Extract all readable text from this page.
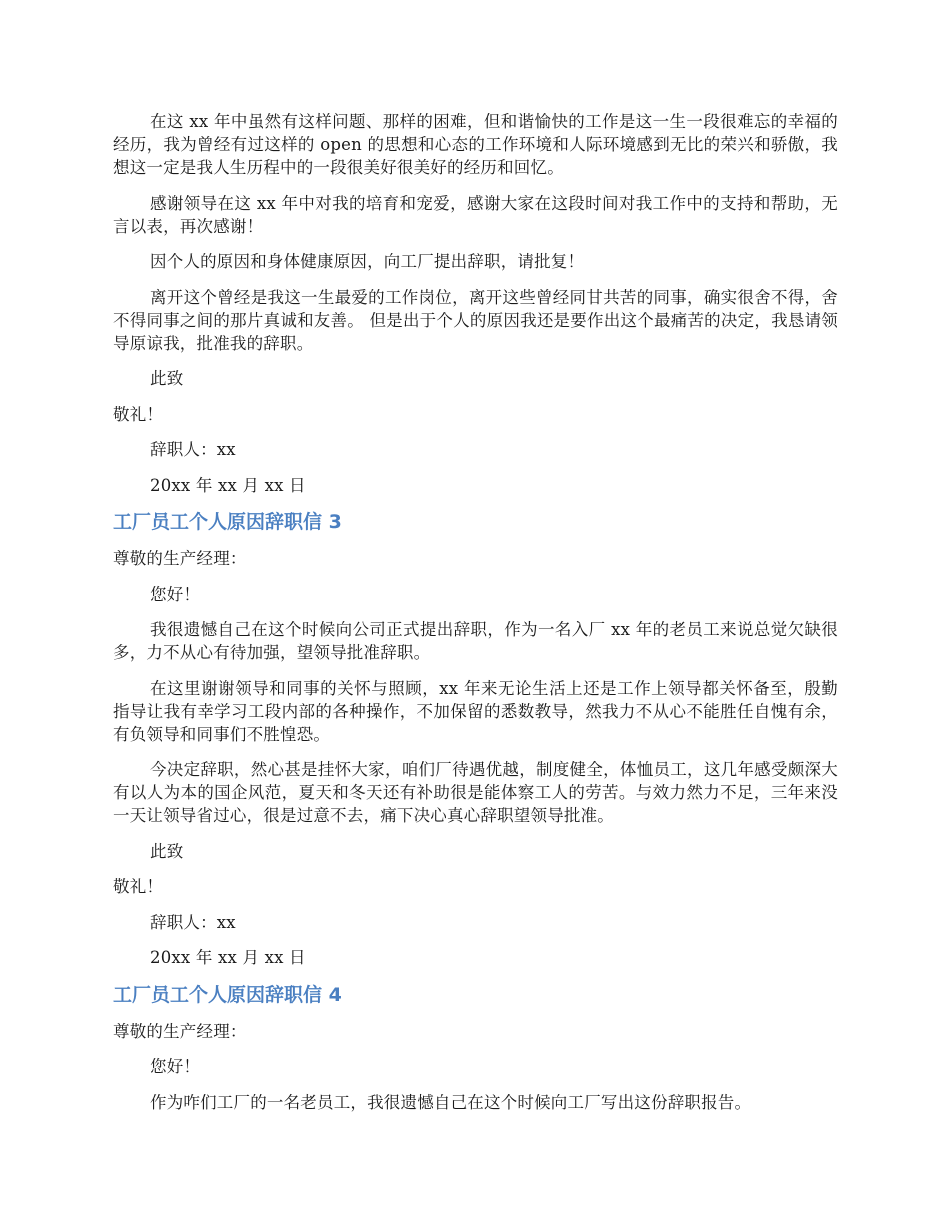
在这 xx 年中虽然有这样问题、那样的困难，但和谐愉快的工作是这一生一段很难忘的幸福的经历，我为曾经有过这样的 open 的思想和心态的工作环境和人际环境感到无比的荣兴和骄傲，我想这一定是我人生历程中的一段很美好很美好的经历和回忆。

感谢领导在这 xx 年中对我的培育和宠爱，感谢大家在这段时间对我工作中的支持和帮助，无言以表，再次感谢！

因个人的原因和身体健康原因，向工厂提出辞职，请批复！

离开这个曾经是我这一生最爱的工作岗位，离开这些曾经同甘共苦的同事，确实很舍不得，舍不得同事之间的那片真诚和友善。 但是出于个人的原因我还是要作出这个最痛苦的决定，我恳请领导原谅我，批准我的辞职。

此致

敬礼！

辞职人：xx

20xx 年 xx 月 xx 日

工厂员工个人原因辞职信 3

尊敬的生产经理：

您好！

我很遗憾自己在这个时候向公司正式提出辞职，作为一名入厂 xx 年的老员工来说总觉欠缺很多，力不从心有待加强，望领导批准辞职。

在这里谢谢领导和同事的关怀与照顾，xx 年来无论生活上还是工作上领导都关怀备至，殷勤指导让我有幸学习工段内部的各种操作，不加保留的悉数教导，然我力不从心不能胜任自愧有余，有负领导和同事们不胜惶恐。

今决定辞职，然心甚是挂怀大家，咱们厂待遇优越，制度健全，体恤员工，这几年感受颇深大有以人为本的国企风范，夏天和冬天还有补助很是能体察工人的劳苦。与效力然力不足，三年来没一天让领导省过心，很是过意不去，痛下决心真心辞职望领导批准。

此致

敬礼！

辞职人：xx

20xx 年 xx 月 xx 日

工厂员工个人原因辞职信 4

尊敬的生产经理：

您好！

作为咋们工厂的一名老员工，我很遗憾自己在这个时候向工厂写出这份辞职报告。
